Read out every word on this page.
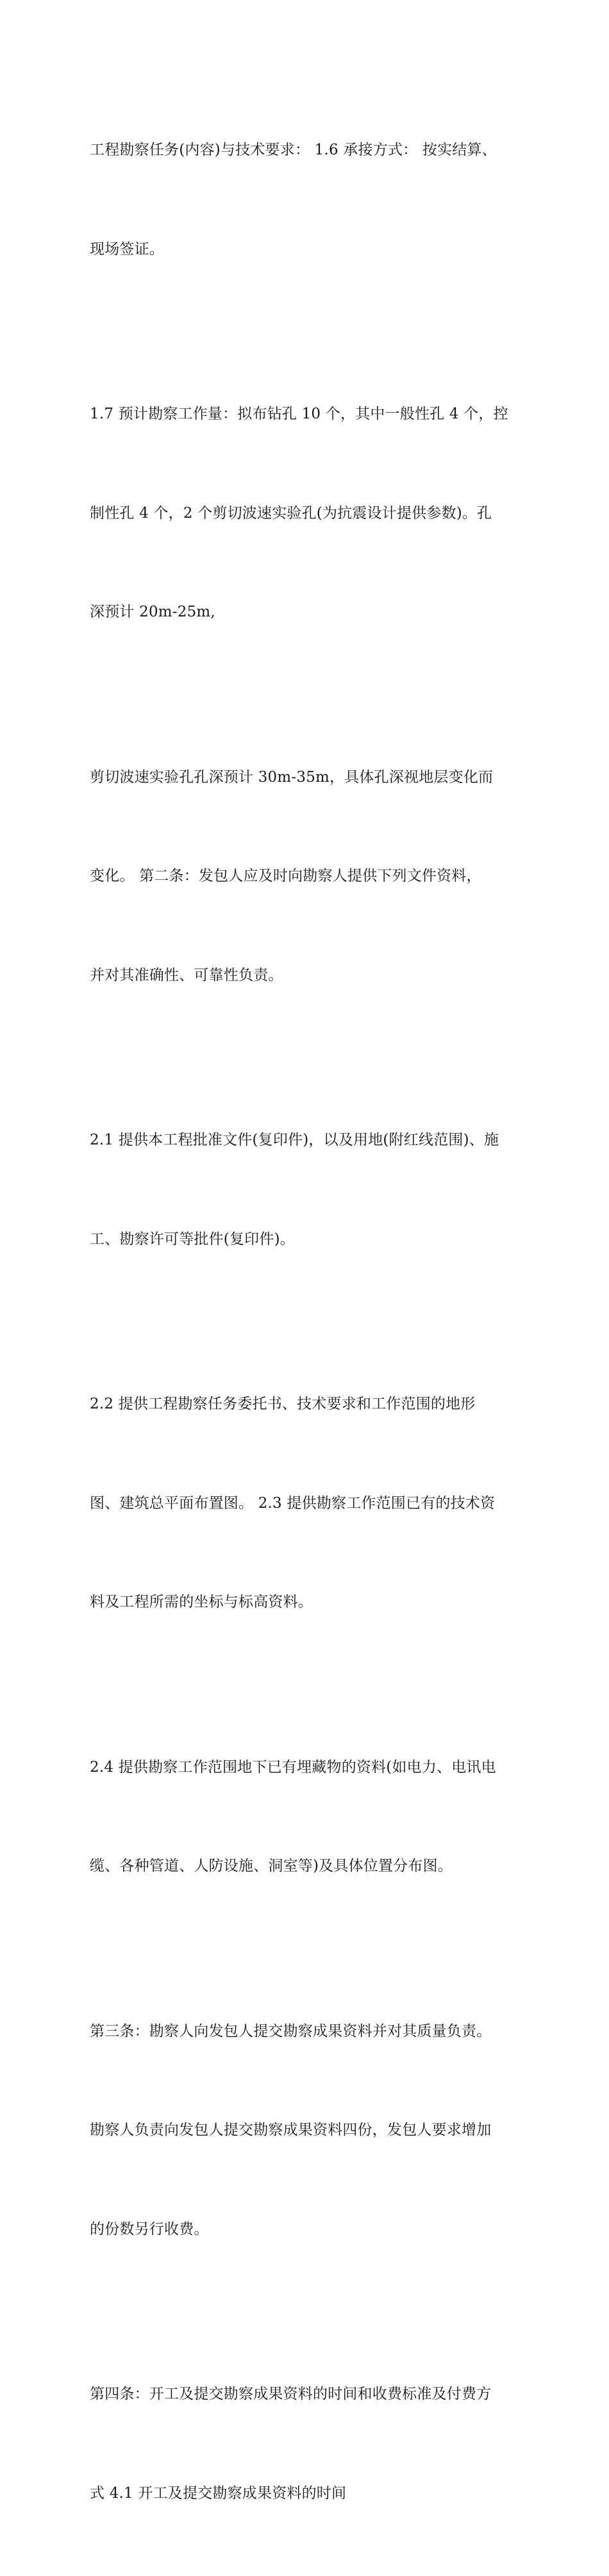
工程勘察任务(内容)与技术要求： 1.6 承接方式： 按实结算、

现场签证。

1.7 预计勘察工作量：拟布钻孔 10 个，其中一般性孔 4 个，控

制性孔 4 个，2 个剪切波速实验孔(为抗震设计提供参数)。孔

深预计 20m-25m,

剪切波速实验孔孔深预计 30m-35m，具体孔深视地层变化而

变化。 第二条：发包人应及时向勘察人提供下列文件资料，

并对其准确性、可靠性负责。

2.1 提供本工程批准文件(复印件)，以及用地(附红线范围)、施

工、勘察许可等批件(复印件)。

2.2 提供工程勘察任务委托书、技术要求和工作范围的地形

图、建筑总平面布置图。 2.3 提供勘察工作范围已有的技术资

料及工程所需的坐标与标高资料。

2.4 提供勘察工作范围地下已有埋藏物的资料(如电力、电讯电

缆、各种管道、人防设施、洞室等)及具体位置分布图。

第三条：勘察人向发包人提交勘察成果资料并对其质量负责。

勘察人负责向发包人提交勘察成果资料四份，发包人要求增加

的份数另行收费。

第四条：开工及提交勘察成果资料的时间和收费标准及付费方

式 4.1 开工及提交勘察成果资料的时间
